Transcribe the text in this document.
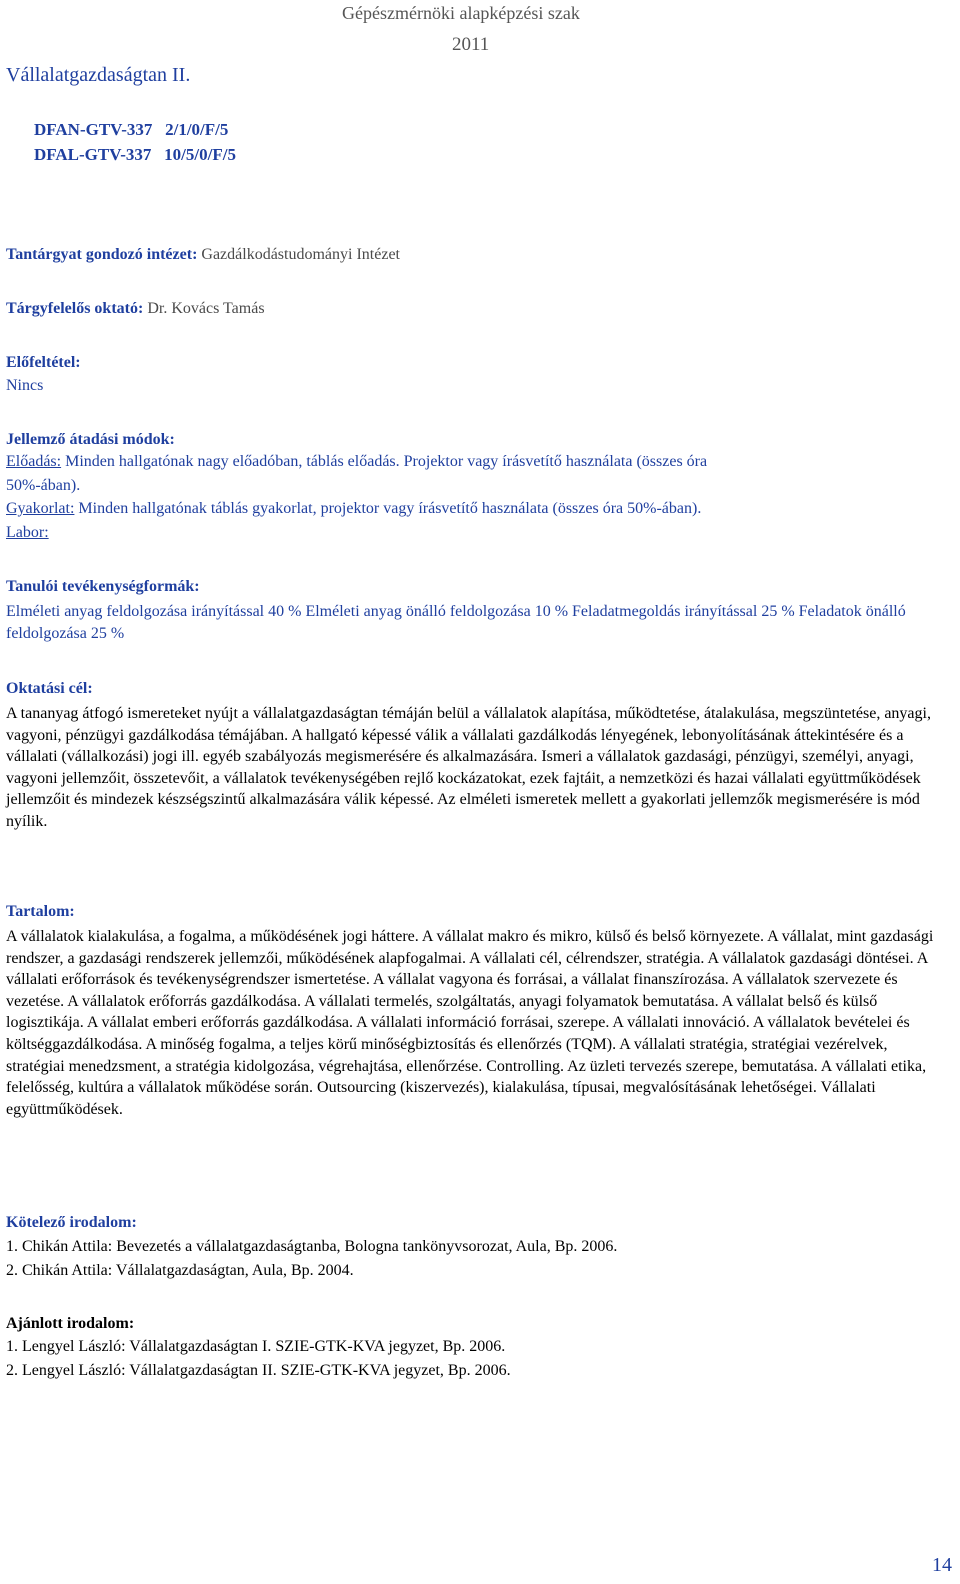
Gépészmérnöki alapképzési szak
2011
Vállalatgazdaságtan II.
DFAN-GTV-337   2/1/0/F/5
DFAL-GTV-337   10/5/0/F/5
Tantárgyat gondozó intézet: Gazdálkodástudományi Intézet
Tárgyfelelős oktató: Dr. Kovács Tamás
Előfeltétel:
Nincs
Jellemző átadási módok:
Előadás: Minden hallgatónak nagy előadóban, táblás előadás. Projektor vagy írásvetítő használata (összes óra
50%-ában).
Gyakorlat: Minden hallgatónak táblás gyakorlat, projektor vagy írásvetítő használata (összes óra 50%-ában).
Labor:
Tanulói tevékenységformák:
Elméleti anyag feldolgozása irányítással 40 % Elméleti anyag önálló feldolgozása 10 % Feladatmegoldás irányítással 25 % Feladatok önálló feldolgozása 25 %
Oktatási cél:
A tananyag átfogó ismereteket nyújt a vállalatgazdaságtan témáján belül a vállalatok alapítása, működtetése, átalakulása, megszüntetése, anyagi, vagyoni, pénzügyi gazdálkodása témájában. A hallgató képessé válik a vállalati gazdálkodás lényegének, lebonyolításának áttekintésére és a vállalati (vállalkozási) jogi ill. egyéb szabályozás megismerésére és alkalmazására. Ismeri a vállalatok gazdasági, pénzügyi, személyi, anyagi, vagyoni jellemzőit, összetevőit, a vállalatok tevékenységében rejlő kockázatokat, ezek fajtáit, a nemzetközi és hazai vállalati együttműködések jellemzőit és mindezek készségszintű alkalmazására válik képessé. Az elméleti ismeretek mellett a gyakorlati jellemzők megismerésére is mód nyílik.
Tartalom:
A vállalatok kialakulása, a fogalma, a működésének jogi háttere. A vállalat makro és mikro, külső és belső környezete. A vállalat, mint gazdasági rendszer, a gazdasági rendszerek jellemzői, működésének alapfogalmai. A vállalati cél, célrendszer, stratégia. A vállalatok gazdasági döntései. A vállalati erőforrások és tevékenységrendszer ismertetése. A vállalat vagyona és forrásai, a vállalat finanszírozása. A vállalatok szervezete és vezetése. A vállalatok erőforrás gazdálkodása. A vállalati termelés, szolgáltatás, anyagi folyamatok bemutatása. A vállalat belső és külső logisztikája. A vállalat emberi erőforrás gazdálkodása. A vállalati információ forrásai, szerepe. A vállalati innováció. A vállalatok bevételei és költséggazdálkodása. A minőség fogalma, a teljes körű minőségbiztosítás és ellenőrzés (TQM). A vállalati stratégia, stratégiai vezérelvek, stratégiai menedzsment, a stratégia kidolgozása, végrehajtása, ellenőrzése. Controlling. Az üzleti tervezés szerepe, bemutatása. A vállalati etika, felelősség, kultúra a vállalatok működése során. Outsourcing (kiszervezés), kialakulása, típusai, megvalósításának lehetőségei. Vállalati együttműködések.
Kötelező irodalom:
1. Chikán Attila: Bevezetés a vállalatgazdaságtanba, Bologna tankönyvsorozat, Aula, Bp. 2006.
2. Chikán Attila: Vállalatgazdaságtan, Aula, Bp. 2004.
Ajánlott irodalom:
1. Lengyel László: Vállalatgazdaságtan I. SZIE-GTK-KVA jegyzet, Bp. 2006.
2. Lengyel László: Vállalatgazdaságtan II. SZIE-GTK-KVA jegyzet, Bp. 2006.
14
